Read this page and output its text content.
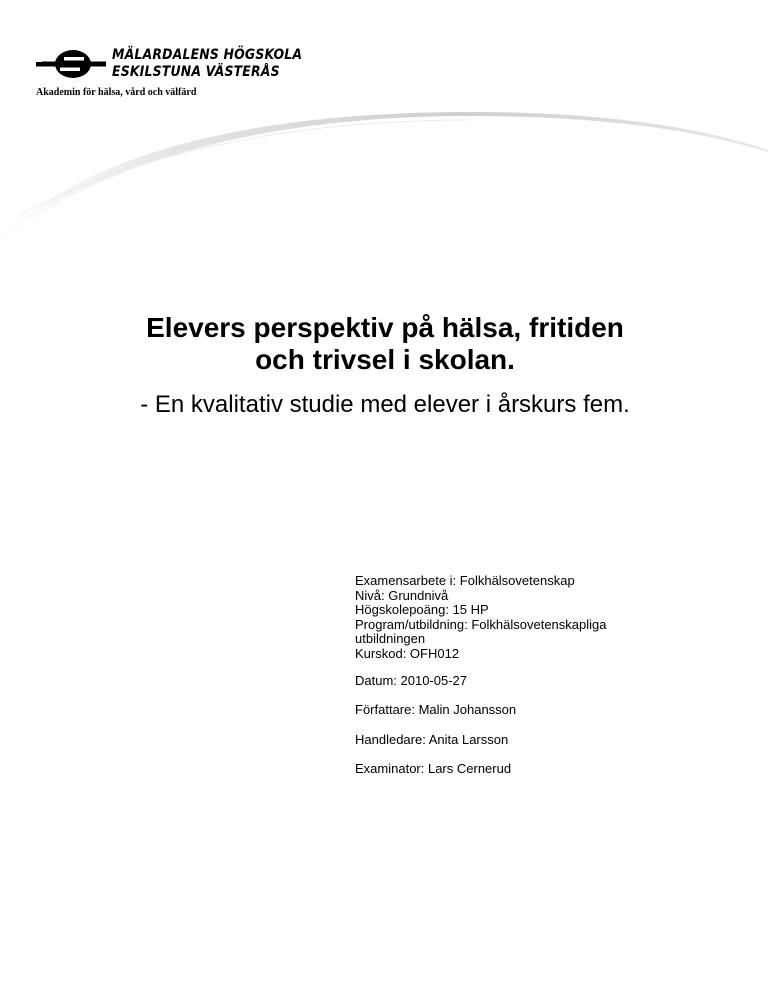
MÄLARDALENS HÖGSKOLA
ESKILSTUNA VÄSTERÅS
Akademin för hälsa, vård och välfärd
Elevers perspektiv på hälsa, fritiden
och trivsel i skolan.
- En kvalitativ studie med elever i årskurs fem.
Examensarbete i: Folkhälsovetenskap
Nivå: Grundnivå
Högskolepoäng: 15 HP
Program/utbildning: Folkhälsovetenskapliga utbildningen
Kurskod: OFH012
Datum: 2010-05-27
Författare: Malin Johansson
Handledare: Anita Larsson
Examinator: Lars Cernerud
